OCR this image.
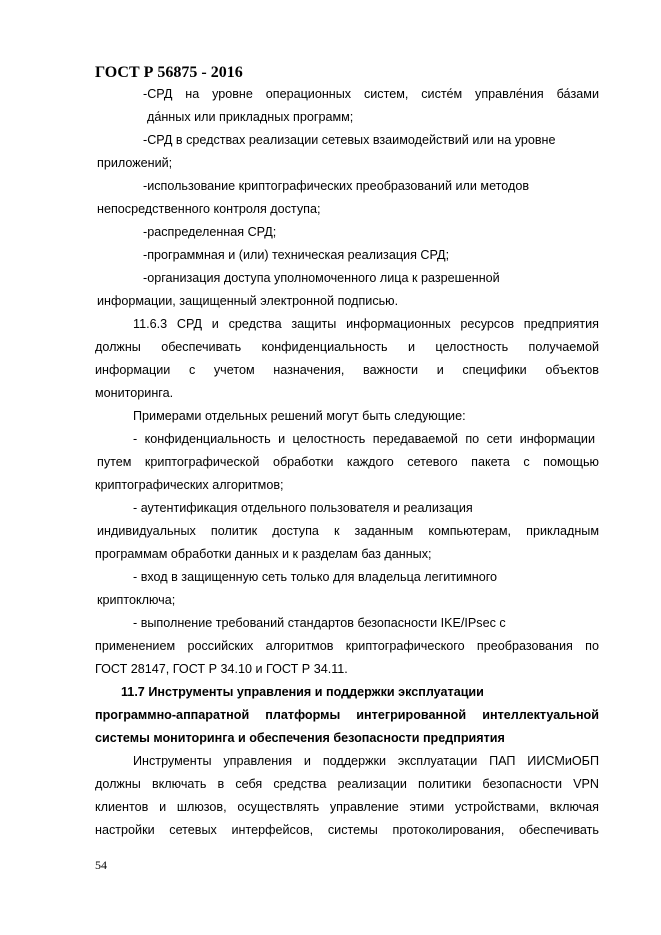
ГОСТ Р 56875 - 2016
-СРД на уровне операционных систем, систе́м управле́ния ба́зами
да́нных или прикладных программ;
-СРД в средствах реализации сетевых взаимодействий или на уровне
приложений;
-использование криптографических преобразований или методов
непосредственного контроля доступа;
-распределенная СРД;
-программная и (или) техническая реализация СРД;
-организация доступа уполномоченного лица к разрешенной
информации, защищенный электронной подписью.
11.6.3 СРД и средства защиты информационных ресурсов предприятия
должны обеспечивать конфиденциальность и целостность получаемой
информации с учетом назначения, важности и специфики объектов
мониторинга.
Примерами отдельных решений могут быть следующие:
- конфиденциальность и целостность передаваемой по сети информации
путем криптографической обработки каждого сетевого пакета с помощью
криптографических алгоритмов;
- аутентификация отдельного пользователя и реализация
индивидуальных политик доступа к заданным компьютерам, прикладным
программам обработки данных и к разделам баз данных;
- вход в защищенную сеть только для владельца легитимного
криптоключа;
- выполнение требований стандартов безопасности IKE/IPsec с
применением российских алгоритмов криптографического преобразования по
ГОСТ 28147, ГОСТ Р 34.10 и ГОСТ Р 34.11.
11.7 Инструменты управления и поддержки эксплуатации
программно-аппаратной платформы интегрированной интеллектуальной
системы мониторинга и обеспечения безопасности предприятия
Инструменты управления и поддержки эксплуатации ПАП ИИСМиОБП
должны включать в себя средства реализации политики безопасности VPN
клиентов и шлюзов, осуществлять управление этими устройствами, включая
настройки сетевых интерфейсов, системы протоколирования, обеспечивать
54
